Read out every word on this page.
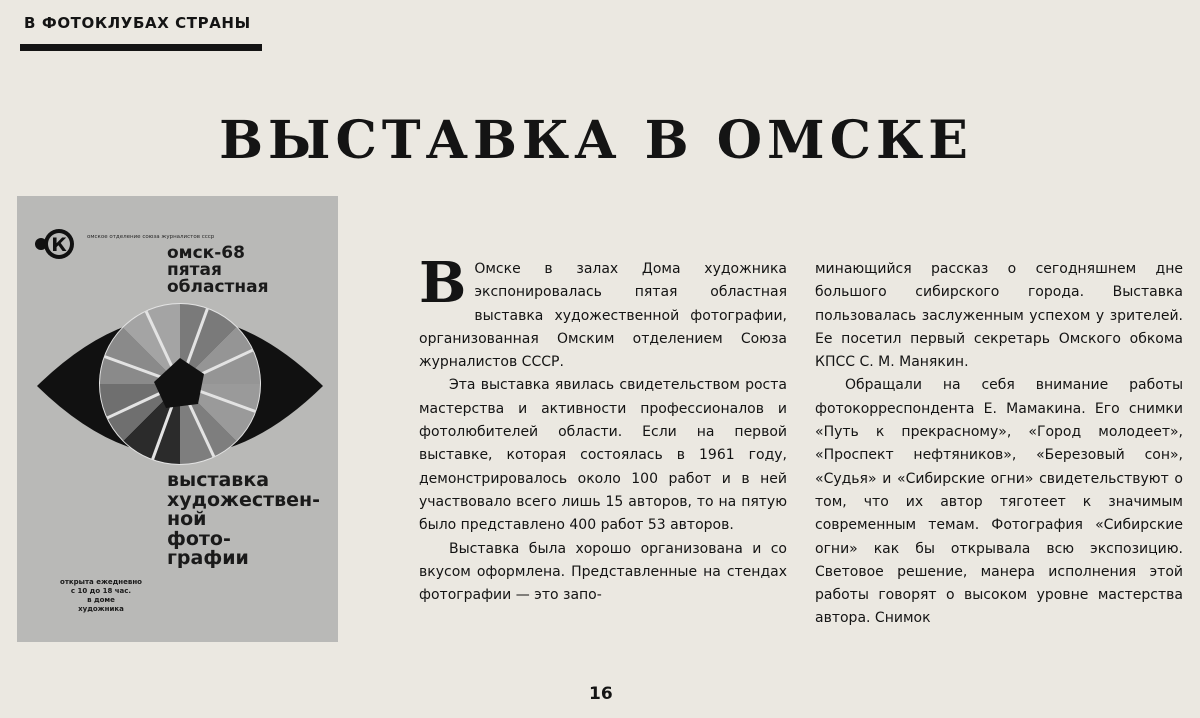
В ФОТОКЛУБАХ СТРАНЫ
ВЫСТАВКА В ОМСКЕ
К	омское отделение союза журналистов ссср
омск-68
пятая
областная
выставка
художествен-
ной
фото-
графии
открыта ежедневно
с 10 до 18 час.
в доме
художника

В Омске в залах Дома художника экспонировалась пятая областная выставка художественной фотографии, организованная Омским отделением Союза журналистов СССР.

Эта выставка явилась свидетельством роста мастерства и активности профессионалов и фотолюбителей области. Если на первой выставке, которая состоялась в 1961 году, демонстрировалось около 100 работ и в ней участвовало всего лишь 15 авторов, то на пятую было представлено 400 работ 53 авторов.

Выставка была хорошо организована и со вкусом оформлена. Представленные на стендах фотографии — это запо-

минающийся рассказ о сегодняшнем дне большого сибирского города. Выставка пользовалась заслуженным успехом у зрителей. Ее посетил первый секретарь Омского обкома КПСС С. М. Манякин.

Обращали на себя внимание работы фотокорреспондента Е. Мамакина. Его снимки «Путь к прекрасному», «Город молодеет», «Проспект нефтяников», «Березовый сон», «Судья» и «Сибирские огни» свидетельствуют о том, что их автор тяготеет к значимым современным темам. Фотография «Сибирские огни» как бы открывала всю экспозицию. Световое решение, манера исполнения этой работы говорят о высоком уровне мастерства автора. Снимок

16
